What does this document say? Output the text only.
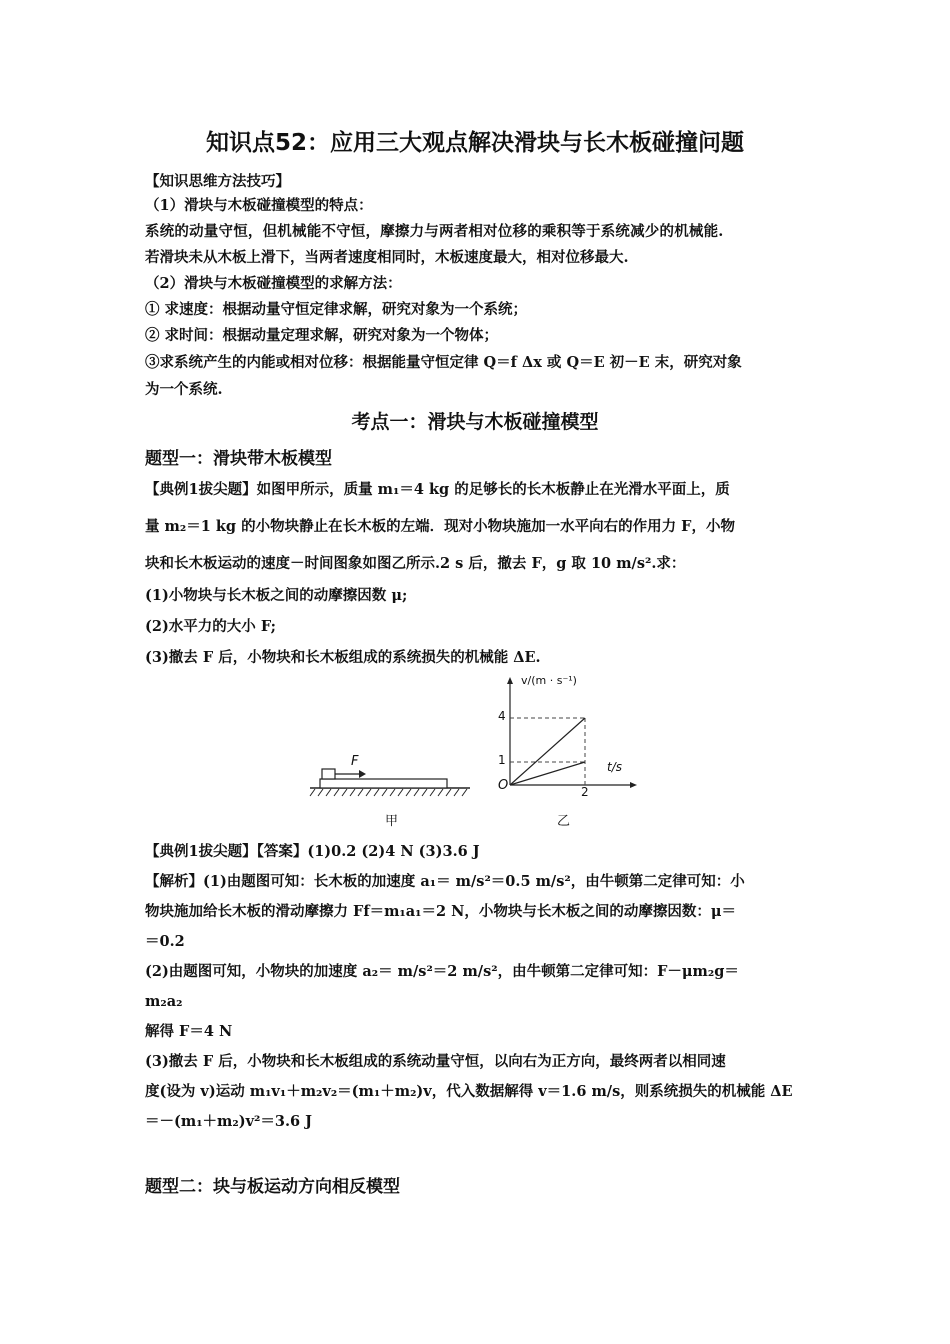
知识点52：应用三大观点解决滑块与长木板碰撞问题
【知识思维方法技巧】
（1）滑块与木板碰撞模型的特点：
系统的动量守恒，但机械能不守恒，摩擦力与两者相对位移的乘积等于系统减少的机械能.
若滑块未从木板上滑下，当两者速度相同时，木板速度最大，相对位移最大.
（2）滑块与木板碰撞模型的求解方法：
① 求速度：根据动量守恒定律求解，研究对象为一个系统；
② 求时间：根据动量定理求解，研究对象为一个物体；
③求系统产生的内能或相对位移：根据能量守恒定律 Q＝f Δx 或 Q＝E 初－E 末，研究对象
为一个系统.
考点一：滑块与木板碰撞模型
题型一：滑块带木板模型
【典例1拔尖题】如图甲所示，质量 m₁＝4 kg 的足够长的长木板静止在光滑水平面上，质
量 m₂＝1 kg 的小物块静止在长木板的左端．现对小物块施加一水平向右的作用力 F，小物
块和长木板运动的速度－时间图象如图乙所示.2 s 后，撤去 F，g 取 10 m/s².求：
(1)小物块与长木板之间的动摩擦因数 μ;
(2)水平力的大小 F;
(3)撤去 F 后，小物块和长木板组成的系统损失的机械能 ΔE.
F
甲
v/(m · s⁻¹)
t/s
O
4
1
2
乙
【典例1拔尖题】【答案】(1)0.2 (2)4 N (3)3.6 J
【解析】(1)由题图可知：长木板的加速度 a₁＝ m/s²＝0.5 m/s²，由牛顿第二定律可知：小
物块施加给长木板的滑动摩擦力 Ff＝m₁a₁＝2 N，小物块与长木板之间的动摩擦因数：μ＝
＝0.2
(2)由题图可知，小物块的加速度 a₂＝ m/s²＝2 m/s²，由牛顿第二定律可知：F－μm₂g＝
m₂a₂
解得 F＝4 N
(3)撤去 F 后，小物块和长木板组成的系统动量守恒，以向右为正方向，最终两者以相同速
度(设为 v)运动 m₁v₁＋m₂v₂＝(m₁＋m₂)v，代入数据解得 v＝1.6 m/s，则系统损失的机械能 ΔE
＝－(m₁＋m₂)v²＝3.6 J
题型二：块与板运动方向相反模型
